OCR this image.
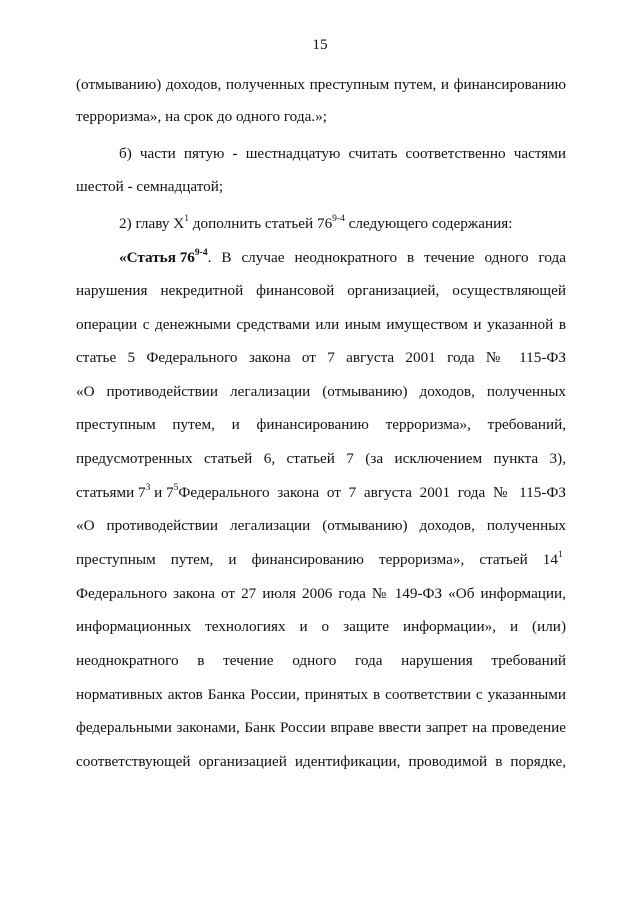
15
(отмыванию) доходов, полученных преступным путем, и финансированию
терроризма», на срок до одного года.»;
б) части пятую - шестнадцатую считать соответственно частями
шестой - семнадцатой;
2) главу $X^1$ дополнить статьей 76$^{9-4}$ следующего содержания:
«Статья 76$^{9-4}$ . В случае неоднократного в течение одного года
нарушения некредитной финансовой организацией, осуществляющей
операции с денежными средствами или иным имуществом и указанной в
статье 5 Федерального закона от 7 августа 2001 года № 115-ФЗ
«О противодействии легализации (отмыванию) доходов, полученных
преступным путем, и финансированию терроризма», требований,
предусмотренных статьей 6, статьей 7 (за исключением пункта 3),
статьями $7^3$ и $7^5$ Федерального закона от 7 августа 2001 года № 115-ФЗ
«О противодействии легализации (отмыванию) доходов, полученных
преступным путем, и финансированию терроризма», статьей $14^1$
Федерального закона от 27 июля 2006 года № 149-ФЗ «Об информации,
информационных технологиях и о защите информации», и (или)
неоднократного в течение одного года нарушения требований
нормативных актов Банка России, принятых в соответствии с указанными
федеральными законами, Банк России вправе ввести запрет на проведение
соответствующей организацией идентификации, проводимой в порядке,
